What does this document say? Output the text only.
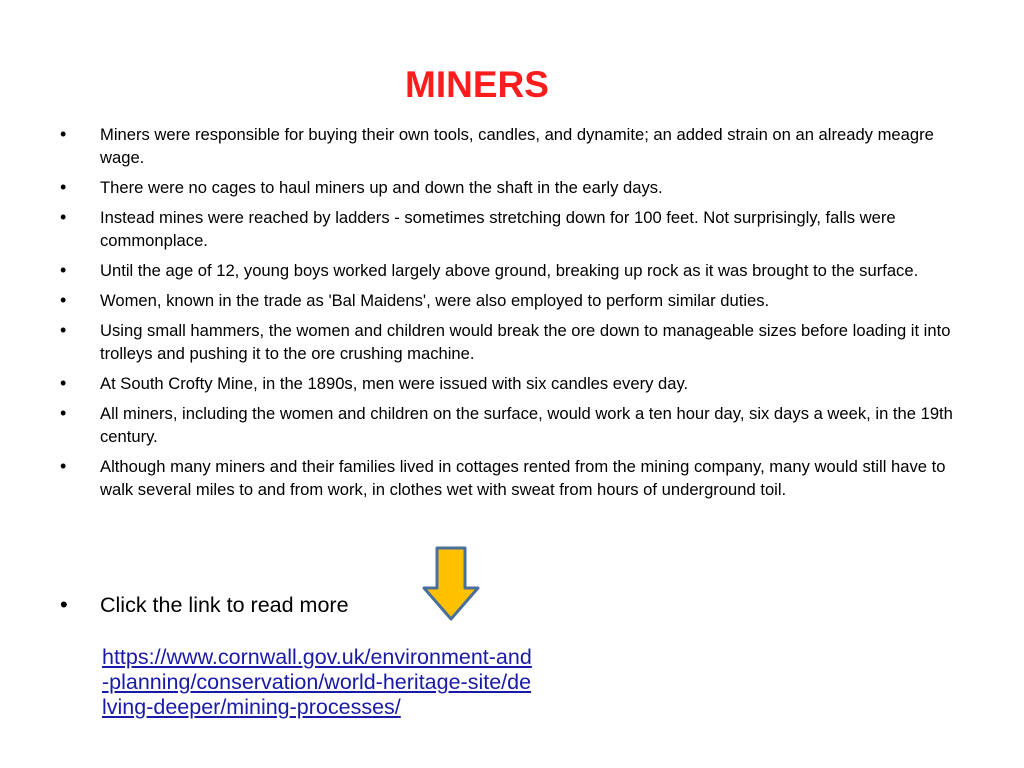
MINERS
• Miners were responsible for buying their own tools, candles, and dynamite; an added strain on an already meagre wage.
• There were no cages to haul miners up and down the shaft in the early days.
• Instead mines were reached by ladders - sometimes stretching down for 100 feet. Not surprisingly, falls were commonplace.
• Until the age of 12, young boys worked largely above ground, breaking up rock as it was brought to the surface.
• Women, known in the trade as 'Bal Maidens', were also employed to perform similar duties.
• Using small hammers, the women and children would break the ore down to manageable sizes before loading it into trolleys and pushing it to the ore crushing machine.
• At South Crofty Mine, in the 1890s, men were issued with six candles every day.
• All miners, including the women and children on the surface, would work a ten hour day, six days a week, in the 19th century.
• Although many miners and their families lived in cottages rented from the mining company, many would still have to walk several miles to and from work, in clothes wet with sweat from hours of underground toil.
•	Click the link to read more
https://www.cornwall.gov.uk/environment-and
-planning/conservation/world-heritage-site/de
lving-deeper/mining-processes/
